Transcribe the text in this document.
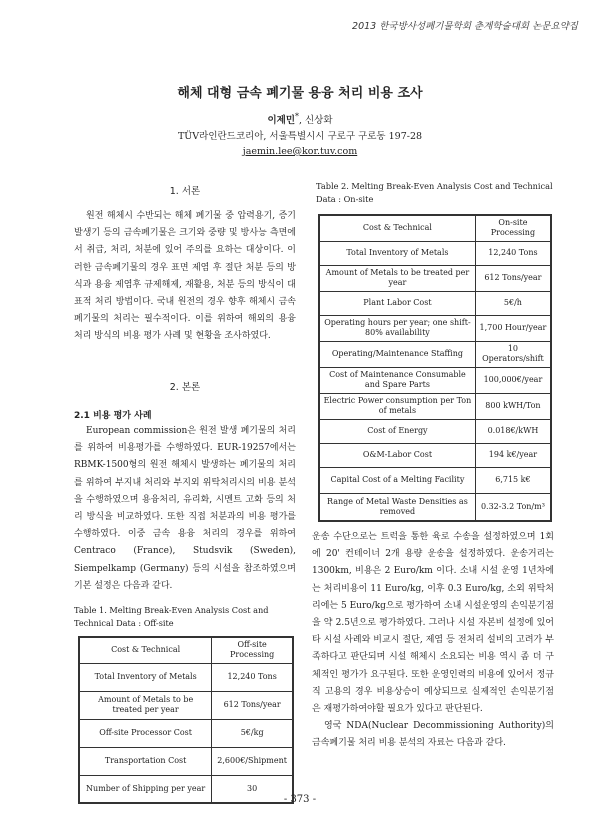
2013 한국방사성폐기물학회 춘계학술대회 논문요약집
해체 대형 금속 폐기물 용융 처리 비용 조사
이제민*, 신상화
TÜV라인란드코리아, 서울특별시시 구로구 구로동 197-28
jaemin.lee@kor.tuv.com
1. 서론

원전 해체시 수반되는 해체 폐기물 중 압력용기, 증기발생기 등의 금속폐기물은 크기와 중량 및 방사능 측면에서 취급, 처리, 처분에 있어 주의를 요하는 대상이다. 이러한 금속폐기물의 경우 표면 제염 후 절단 처분 등의 방식과 용융 제염후 규제해제, 재활용, 처분 등의 방식이 대표적 처리 방법이다. 국내 원전의 경우 향후 해체시 금속폐기물의 처리는 필수적이다. 이를 위하여 해외의 용융 처리 방식의 비용 평가 사례 및 현황을 조사하였다.

2. 본론
2.1 비용 평가 사례

European commission은 원전 발생 폐기물의 처리를 위하여 비용평가를 수행하였다. EUR-19257에서는 RBMK-1500형의 원전 해체시 발생하는 폐기물의 처리를 위하여 부지내 처리와 부지외 위탁처리시의 비용 분석을 수행하였으며 용융처리, 유리화, 시멘트 고화 등의 처리 방식을 비교하였다. 또한 직접 처분과의 비용 평가를 수행하였다. 이중 금속 용융 처리의 경우를 위하여 Centraco (France), Studsvik (Sweden), Siempelkamp (Germany) 등의 시설을 참조하였으며 기본 설정은 다음과 같다.

Table 1. Melting Break-Even Analysis Cost and Technical Data : Off-site
Cost & Technical	Off-site Processing
Total Inventory of Metals	12,240 Tons
Amount of Metals to be treated per year	612 Tons/year
Off-site Processor Cost	5€/kg
Transportation Cost	2,600€/Shipment
Number of Shipping per year	30
Table 2. Melting Break-Even Analysis Cost and Technical Data : On-site
Cost & Technical	On-site Processing
Total Inventory of Metals	12,240 Tons
Amount of Metals to be treated per year	612 Tons/year
Plant Labor Cost	5€/h
Operating hours per year; one shift-80% availability	1,700 Hour/year
Operating/Maintenance Staffing	10 Operators/shift
Cost of Maintenance Consumable and Spare Parts	100,000€/year
Electric Power consumption per Ton of metals	800 kWH/Ton
Cost of Energy	0.018€/kWH
O&M-Labor Cost	194 k€/year
Capital Cost of a Melting Facility	6,715 k€
Range of Metal Waste Densities as removed	0.32-3.2 Ton/m³

운송 수단으로는 트럭을 통한 육로 수송을 설정하였으며 1회에 20' 컨테이너 2개 용량 운송을 설정하였다. 운송거리는 1300km, 비용은 2 Euro/km 이다. 소내 시설 운영 1년차에는 처리비용이 11 Euro/kg, 이후 0.3 Euro/kg, 소외 위탁처리에는 5 Euro/kg으로 평가하여 소내 시설운영의 손익분기점을 약 2.5년으로 평가하였다. 그러나 시설 자본비 설정에 있어 타 시설 사례와 비교시 절단, 제염 등 전처리 설비의 고려가 부족하다고 판단되며 시설 해체시 소요되는 비용 역시 좀 더 구체적인 평가가 요구된다. 또한 운영인력의 비용에 있어서 정규직 고용의 경우 비용상승이 예상되므로 실제적인 손익분기점은 재평가하여야할 필요가 있다고 판단된다.

영국 NDA(Nuclear Decommissioning Authority)의 금속폐기물 처리 비용 분석의 자료는 다음과 같다.

- 373 -
